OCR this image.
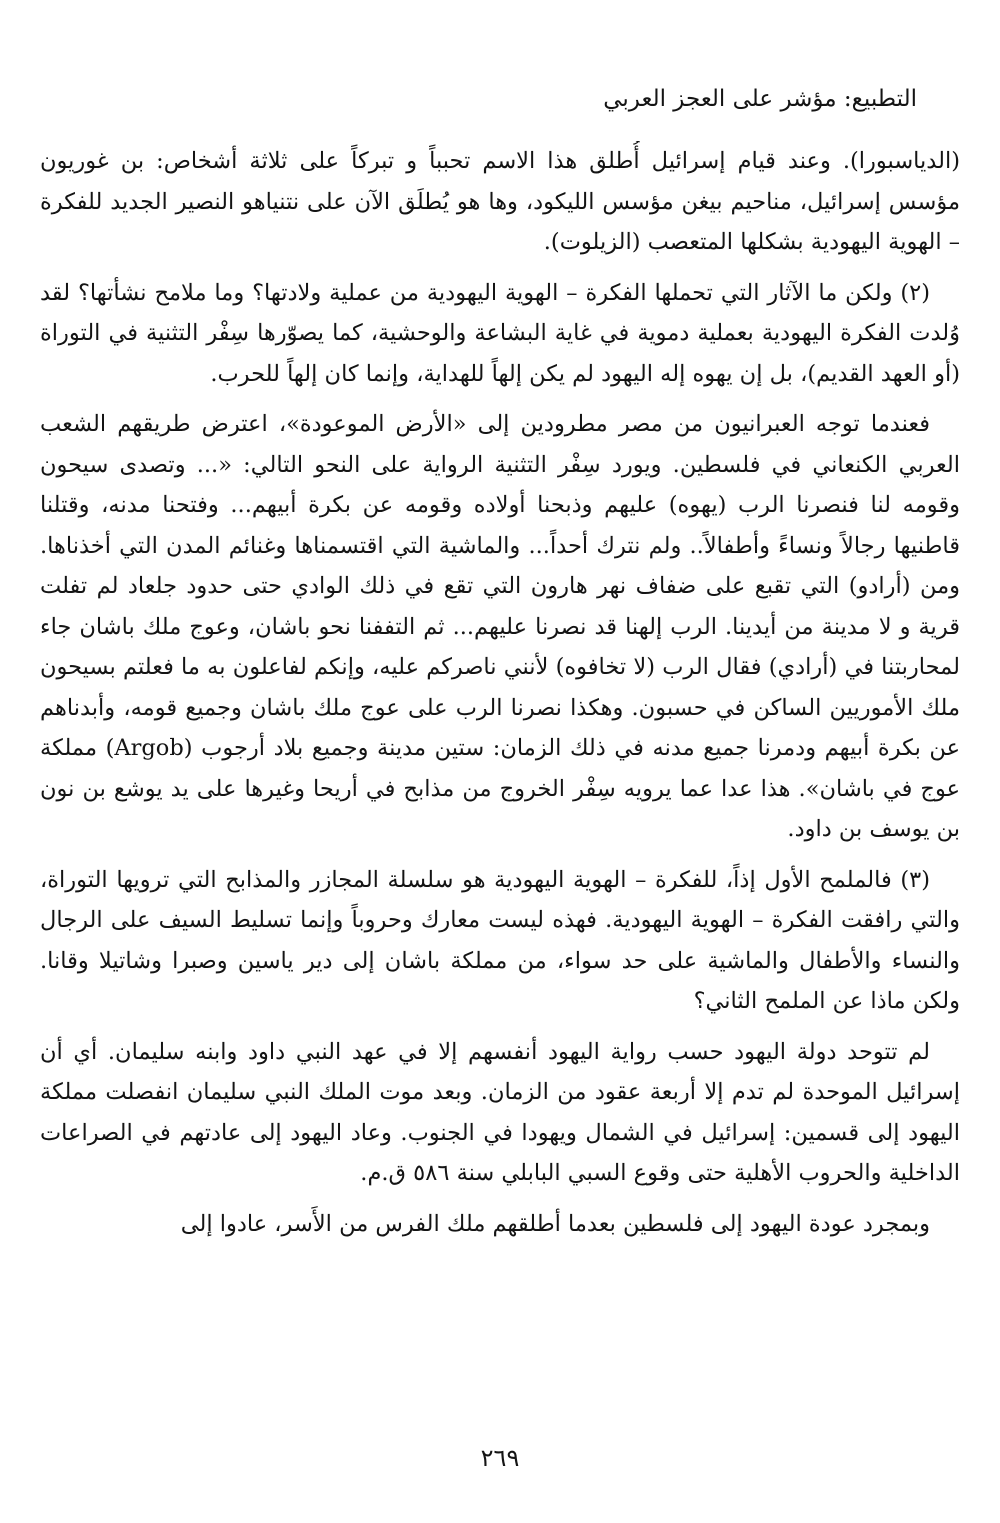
التطبيع: مؤشر على العجز العربي

(الدياسبورا). وعند قيام إسرائيل أُطلق هذا الاسم تحبباً و تبركاً على ثلاثة أشخاص: بن غوريون مؤسس إسرائيل، مناحيم بيغن مؤسس الليكود، وها هو يُطلَق الآن على نتنياهو النصير الجديد للفكرة – الهوية اليهودية بشكلها المتعصب (الزيلوت).

(٢) ولكن ما الآثار التي تحملها الفكرة – الهوية اليهودية من عملية ولادتها؟ وما ملامح نشأتها؟ لقد وُلدت الفكرة اليهودية بعملية دموية في غاية البشاعة والوحشية، كما يصوّرها سِفْر التثنية في التوراة (أو العهد القديم)، بل إن يهوه إله اليهود لم يكن إلهاً للهداية، وإنما كان إلهاً للحرب.

فعندما توجه العبرانيون من مصر مطرودين إلى «الأرض الموعودة»، اعترض طريقهم الشعب العربي الكنعاني في فلسطين. ويورد سِفْر التثنية الرواية على النحو التالي: «... وتصدى سيحون وقومه لنا فنصرنا الرب (يهوه) عليهم وذبحنا أولاده وقومه عن بكرة أبيهم... وفتحنا مدنه، وقتلنا قاطنيها رجالاً ونساءً وأطفالاً.. ولم نترك أحداً... والماشية التي اقتسمناها وغنائم المدن التي أخذناها. ومن (أرادو) التي تقبع على ضفاف نهر هارون التي تقع في ذلك الوادي حتى حدود جلعاد لم تفلت قرية و لا مدينة من أيدينا. الرب إلهنا قد نصرنا عليهم... ثم التففنا نحو باشان، وعوج ملك باشان جاء لمحاربتنا في (أرادي) فقال الرب (لا تخافوه) لأنني ناصركم عليه، وإنكم لفاعلون به ما فعلتم بسيحون ملك الأموريين الساكن في حسبون. وهكذا نصرنا الرب على عوج ملك باشان وجميع قومه، وأبدناهم عن بكرة أبيهم ودمرنا جميع مدنه في ذلك الزمان: ستين مدينة وجميع بلاد أرجوب (Argob) مملكة عوج في باشان». هذا عدا عما يرويه سِفْر الخروج من مذابح في أريحا وغيرها على يد يوشع بن نون بن يوسف بن داود.

(٣) فالملمح الأول إذاً، للفكرة – الهوية اليهودية هو سلسلة المجازر والمذابح التي ترويها التوراة، والتي رافقت الفكرة – الهوية اليهودية. فهذه ليست معارك وحروباً وإنما تسليط السيف على الرجال والنساء والأطفال والماشية على حد سواء، من مملكة باشان إلى دير ياسين وصبرا وشاتيلا وقانا. ولكن ماذا عن الملمح الثاني؟

لم تتوحد دولة اليهود حسب رواية اليهود أنفسهم إلا في عهد النبي داود وابنه سليمان. أي أن إسرائيل الموحدة لم تدم إلا أربعة عقود من الزمان. وبعد موت الملك النبي سليمان انفصلت مملكة اليهود إلى قسمين: إسرائيل في الشمال ويهودا في الجنوب. وعاد اليهود إلى عادتهم في الصراعات الداخلية والحروب الأهلية حتى وقوع السبي البابلي سنة ٥٨٦ ق.م.

وبمجرد عودة اليهود إلى فلسطين بعدما أطلقهم ملك الفرس من الأَسر، عادوا إلى

٢٦٩
